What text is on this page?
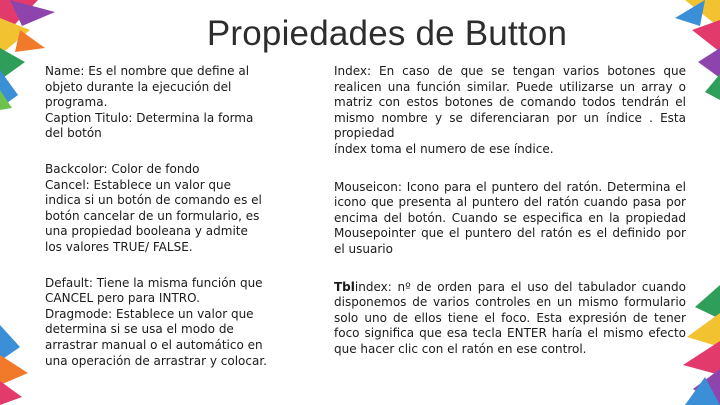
Propiedades de Button

Name: Es el nombre que define al objeto durante la ejecución del programa.

Caption Titulo: Determina la forma del botón

Backcolor: Color de fondo

Cancel: Establece un valor que indica si un botón de comando es el botón cancelar de un formulario, es una propiedad booleana y admite los valores TRUE/ FALSE.

Default: Tiene la misma función que CANCEL pero para INTRO.

Dragmode: Establece un valor que determina si se usa el modo de arrastrar manual o el automático en una operación de arrastrar y colocar.

Index: En caso de que se tengan varios botones que realicen una función similar. Puede utilizarse un array o matriz con estos botones de comando todos tendrán el mismo nombre y se diferenciaran por un índice . Esta propiedad

índex toma el numero de ese índice.

Mouseicon: Icono para el puntero del ratón. Determina el icono que presenta al puntero del ratón cuando pasa por encima del botón. Cuando se especifica en la propiedad Mousepointer que el puntero del ratón es el definido por el usuario

Tblindex: nº de orden para el uso del tabulador cuando disponemos de varios controles en un mismo formulario solo uno de ellos tiene el foco. Esta expresión de tener foco significa que esa tecla ENTER haría el mismo efecto que hacer clic con el ratón en ese control.
